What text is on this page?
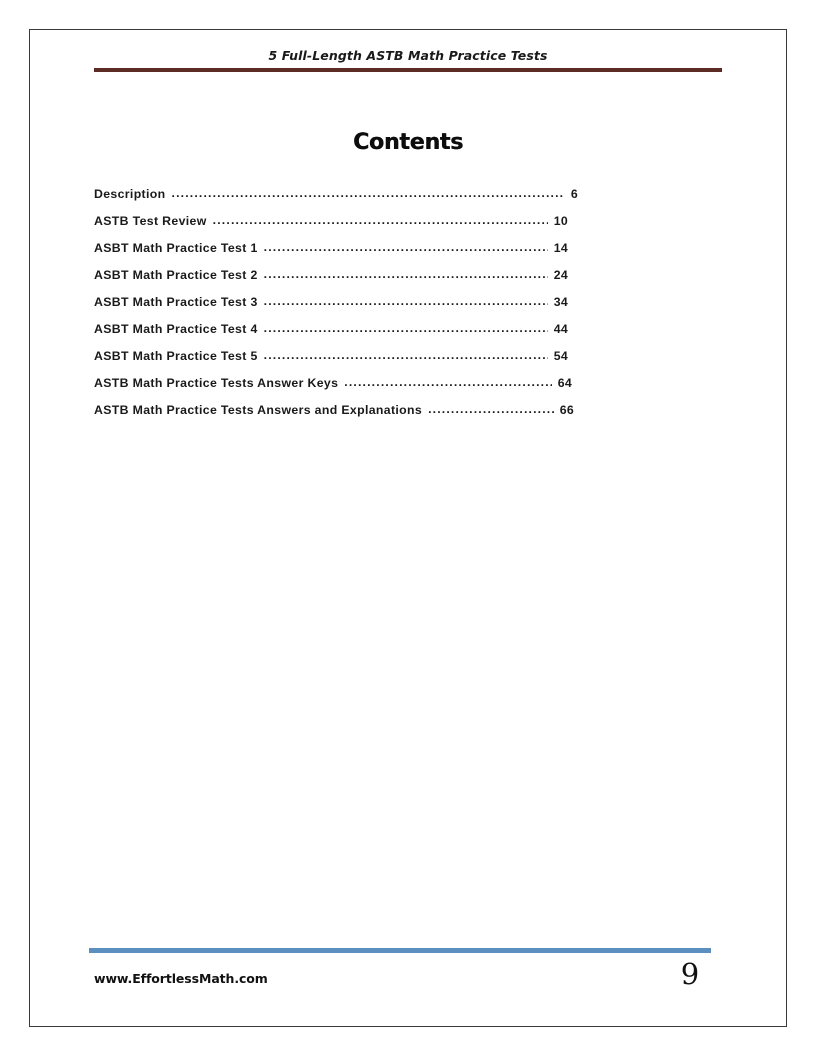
5 Full-Length ASTB Math Practice Tests
Contents
Description .....	6
ASTB Test Review .....	10
ASBT Math Practice Test 1 .....	14
ASBT Math Practice Test 2 .....	24
ASBT Math Practice Test 3 .....	34
ASBT Math Practice Test 4 .....	44
ASBT Math Practice Test 5 .....	54
ASTB Math Practice Tests Answer Keys .....	64
ASTB Math Practice Tests Answers and Explanations .....	66
www.EffortlessMath.com	9
